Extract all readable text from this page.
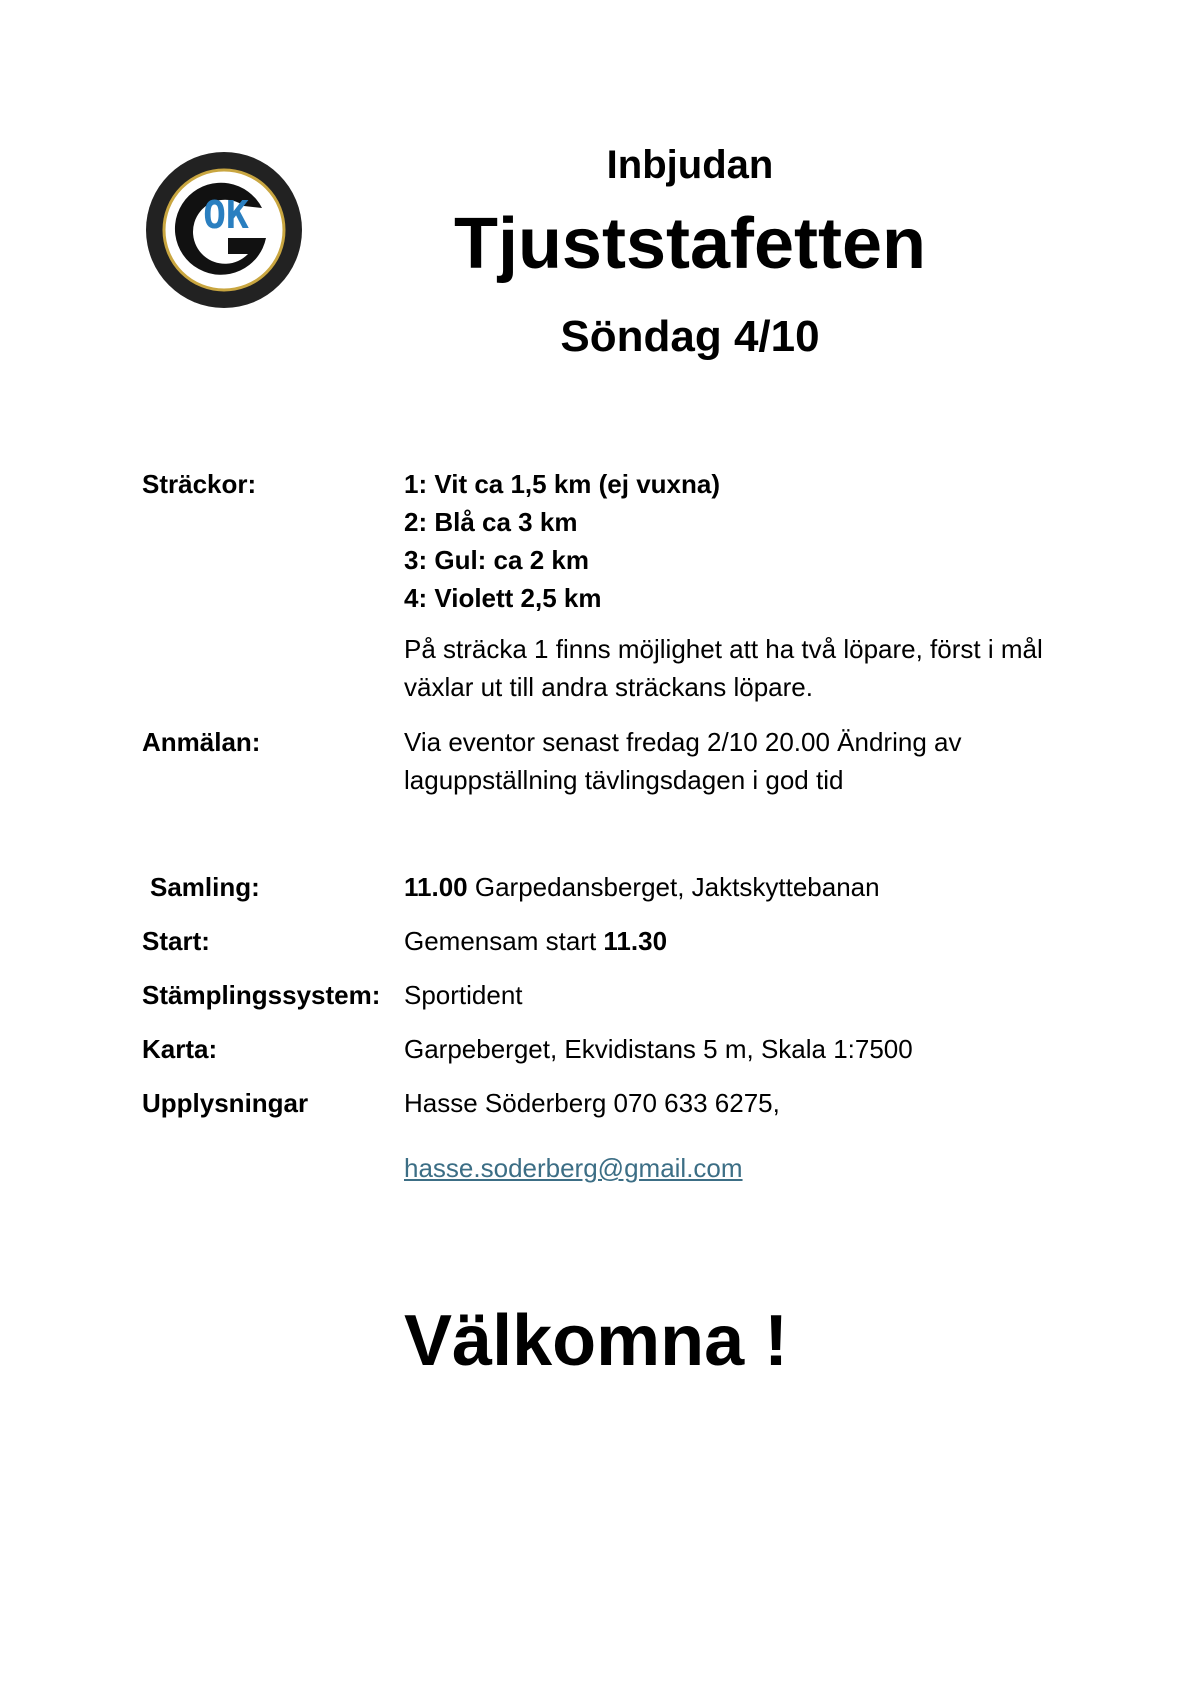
OK
Inbjudan
Tjuststafetten
Söndag 4/10
Sträckor:	1: Vit ca 1,5 km (ej vuxna)
2: Blå ca 3 km
3: Gul: ca 2 km
4: Violett 2,5 km
På sträcka 1 finns möjlighet att ha två löpare, först i mål växlar ut till andra sträckans löpare.
Anmälan:	Via eventor senast fredag 2/10 20.00 Ändring av laguppställning tävlingsdagen i god tid
Samling:	11.00 Garpedansberget, Jaktskyttebanan
Start:	Gemensam start 11.30
Stämplingssystem: Sportident
Karta:	Garpeberget, Ekvidistans 5 m, Skala 1:7500
Upplysningar	Hasse Söderberg 070 633 6275,
hasse.soderberg@gmail.com
Välkomna !
